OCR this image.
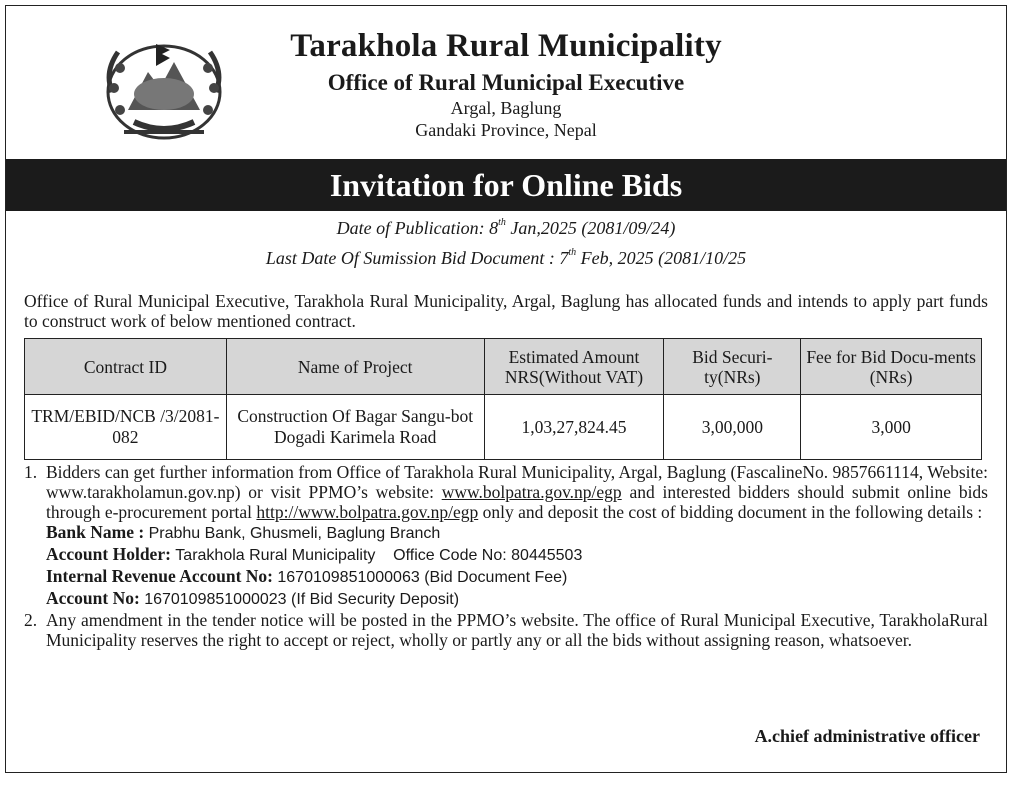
Tarakhola Rural Municipality
Office of Rural Municipal Executive
Argal, Baglung
Gandaki Province, Nepal
Invitation for Online Bids
Date of Publication: 8th Jan,2025 (2081/09/24)
Last Date Of Sumission Bid Document : 7th Feb, 2025 (2081/10/25
Office of Rural Municipal Executive, Tarakhola Rural Municipality, Argal, Baglung has allocated funds and intends to apply part funds to construct work of below mentioned contract.
Contract ID	Name of Project	Estimated Amount NRS(Without VAT)	Bid Securi-ty(NRs)	Fee for Bid Docu-ments (NRs)
TRM/EBID/NCB /3/2081-082	Construction Of Bagar Sangu-bot Dogadi Karimela Road	1,03,27,824.45	3,00,000	3,000
1. Bidders can get further information from Office of Tarakhola Rural Municipality, Argal, Baglung (FascalineNo. 9857661114, Website: www.tarakholamun.gov.np) or visit PPMO’s website: www.bolpatra.gov.np/egp and interested bidders should submit online bids through e-procurement portal http://www.bolpatra.gov.np/egp only and deposit the cost of bidding document in the following details :
Bank Name : Prabhu Bank, Ghusmeli, Baglung Branch
Account Holder: Tarakhola Rural Municipality    Office Code No: 80445503
Internal Revenue Account No: 1670109851000063 (Bid Document Fee)
Account No: 1670109851000023 (If Bid Security Deposit)
2. Any amendment in the tender notice will be posted in the PPMO’s website. The office of Rural Municipal Executive, TarakholaRural Municipality reserves the right to accept or reject, wholly or partly any or all the bids without assigning reason, whatsoever.
A.chief administrative officer
